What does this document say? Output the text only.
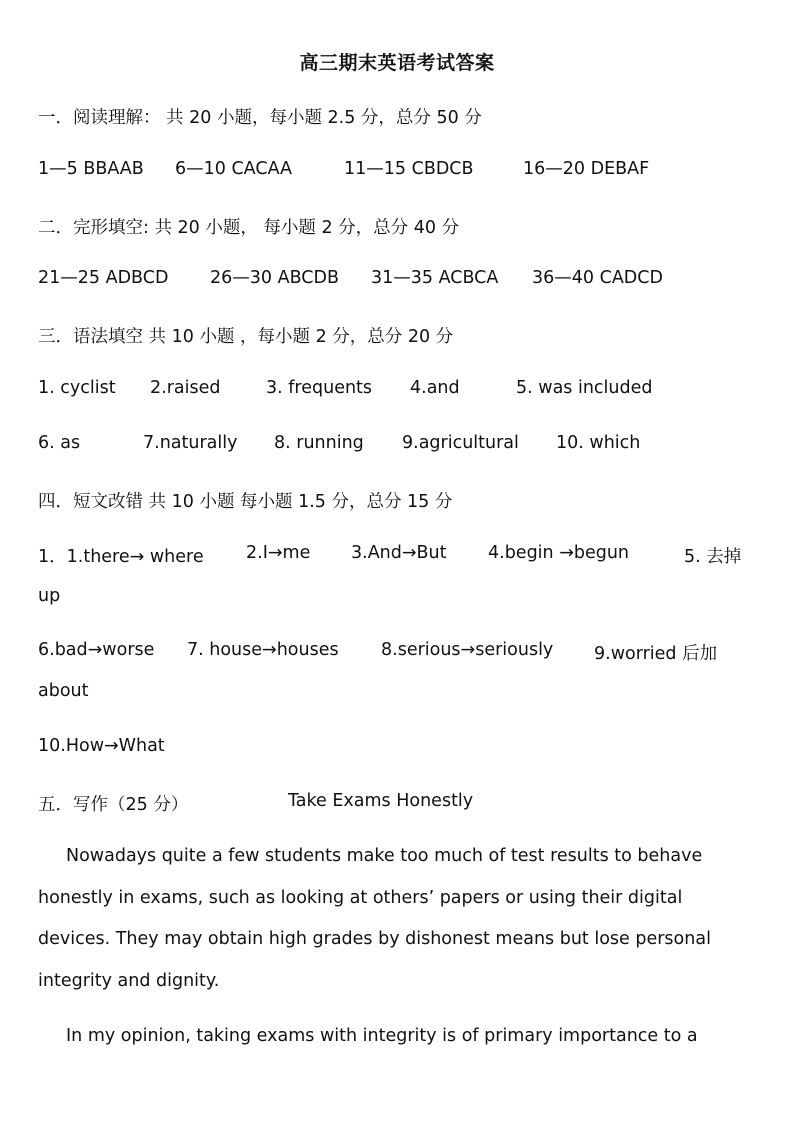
高三期末英语考试答案
一．阅读理解： 共 20 小题，每小题 2.5 分，总分 50 分
1—5 BBAAB 6—10 CACAA	11—15 CBDCB	16—20 DEBAF
二．完形填空: 共 20 小题， 每小题 2 分，总分 40 分
21—25 ADBCD 26—30 ABCDB 31—35 ACBCA 36—40 CADCD
三．语法填空 共 10 小题 ，每小题 2 分，总分 20 分
1. cyclist 2.raised	3. frequents 4.and	5. was included
6. as	7.naturally 8. running 9.agricultural 10. which
四．短文改错 共 10 小题 每小题 1.5 分，总分 15 分
1．1.there→ where 2.I→me 3.And→But 4.begin →begun	5. 去掉
up
6.bad→worse 7. house→houses 8.serious→seriously 9.worried 后加
about
10.How→What
五．写作（25 分）	Take Exams Honestly
Nowadays quite a few students make too much of test results to behave honestly in exams, such as looking at others’ papers or using their digital devices. They may obtain high grades by dishonest means but lose personal integrity and dignity.
In my opinion, taking exams with integrity is of primary importance to a
